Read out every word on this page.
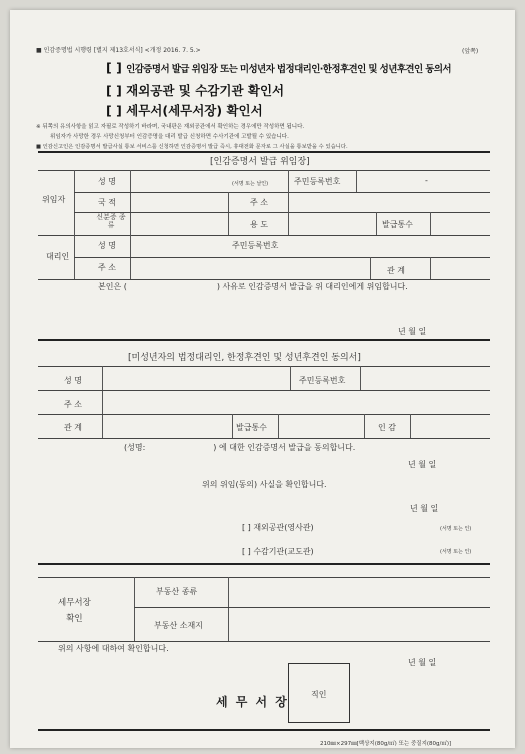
■ 인감증명법 시행령 [별지 제13호서식] <개정 2016. 7. 5.>	(앞쪽)
[ ] 인감증명서 발급 위임장 또는 미성년자 법정대리인·한정후견인 및 성년후견인 동의서
[ ] 재외공관 및 수감기관 확인서
[ ] 세무서(세무서장) 확인서
※ 뒤쪽의 유의사항을 읽고 자필로 작성하기 바라며, 국내판은 재외공관에서 확인하는 경우에만 작성하면 됩니다.
위임자가 사망한 경우 사망신청부터 인감증명을 대리 발급 신청하면 수사기관에 고발될 수 있습니다.
■ 인감신고인은 인감증명서 발급사실 통보 서비스를 신청하면 인감증명서 발급 즉시, 휴대전화 문자로 그 사실을 통보받을 수 있습니다.
[인감증명서 발급 위임장]
위임자
성 명	(서명 또는 날인)	주민등록번호	-
국 적	주 소
신분증 종 류	용 도	발급통수
대리인
성 명	주민등록번호
주 소	관 계
본인은 (	) 사유로 인감증명서 발급을 위 대리인에게 위임합니다.
년 월 일
[미성년자의 법정대리인, 한정후견인 및 성년후견인 동의서]
성 명	주민등록번호
주 소
관 계	발급통수	인 감
(성명:	) 에 대한 인감증명서 발급을 동의합니다.
년 월 일
위의 위임(동의) 사실을 확인합니다.
년 월 일
[ ] 재외공관(영사관)	(서명 또는 인)
[ ] 수감기관(교도관)	(서명 또는 인)
세무서장
확인
부동산 종류
부동산 소재지
위의 사항에 대하여 확인합니다.
년 월 일
세 무 서 장
직인
210㎜×297㎜[백상지(80g/㎡) 또는 중질지(80g/㎡)]
